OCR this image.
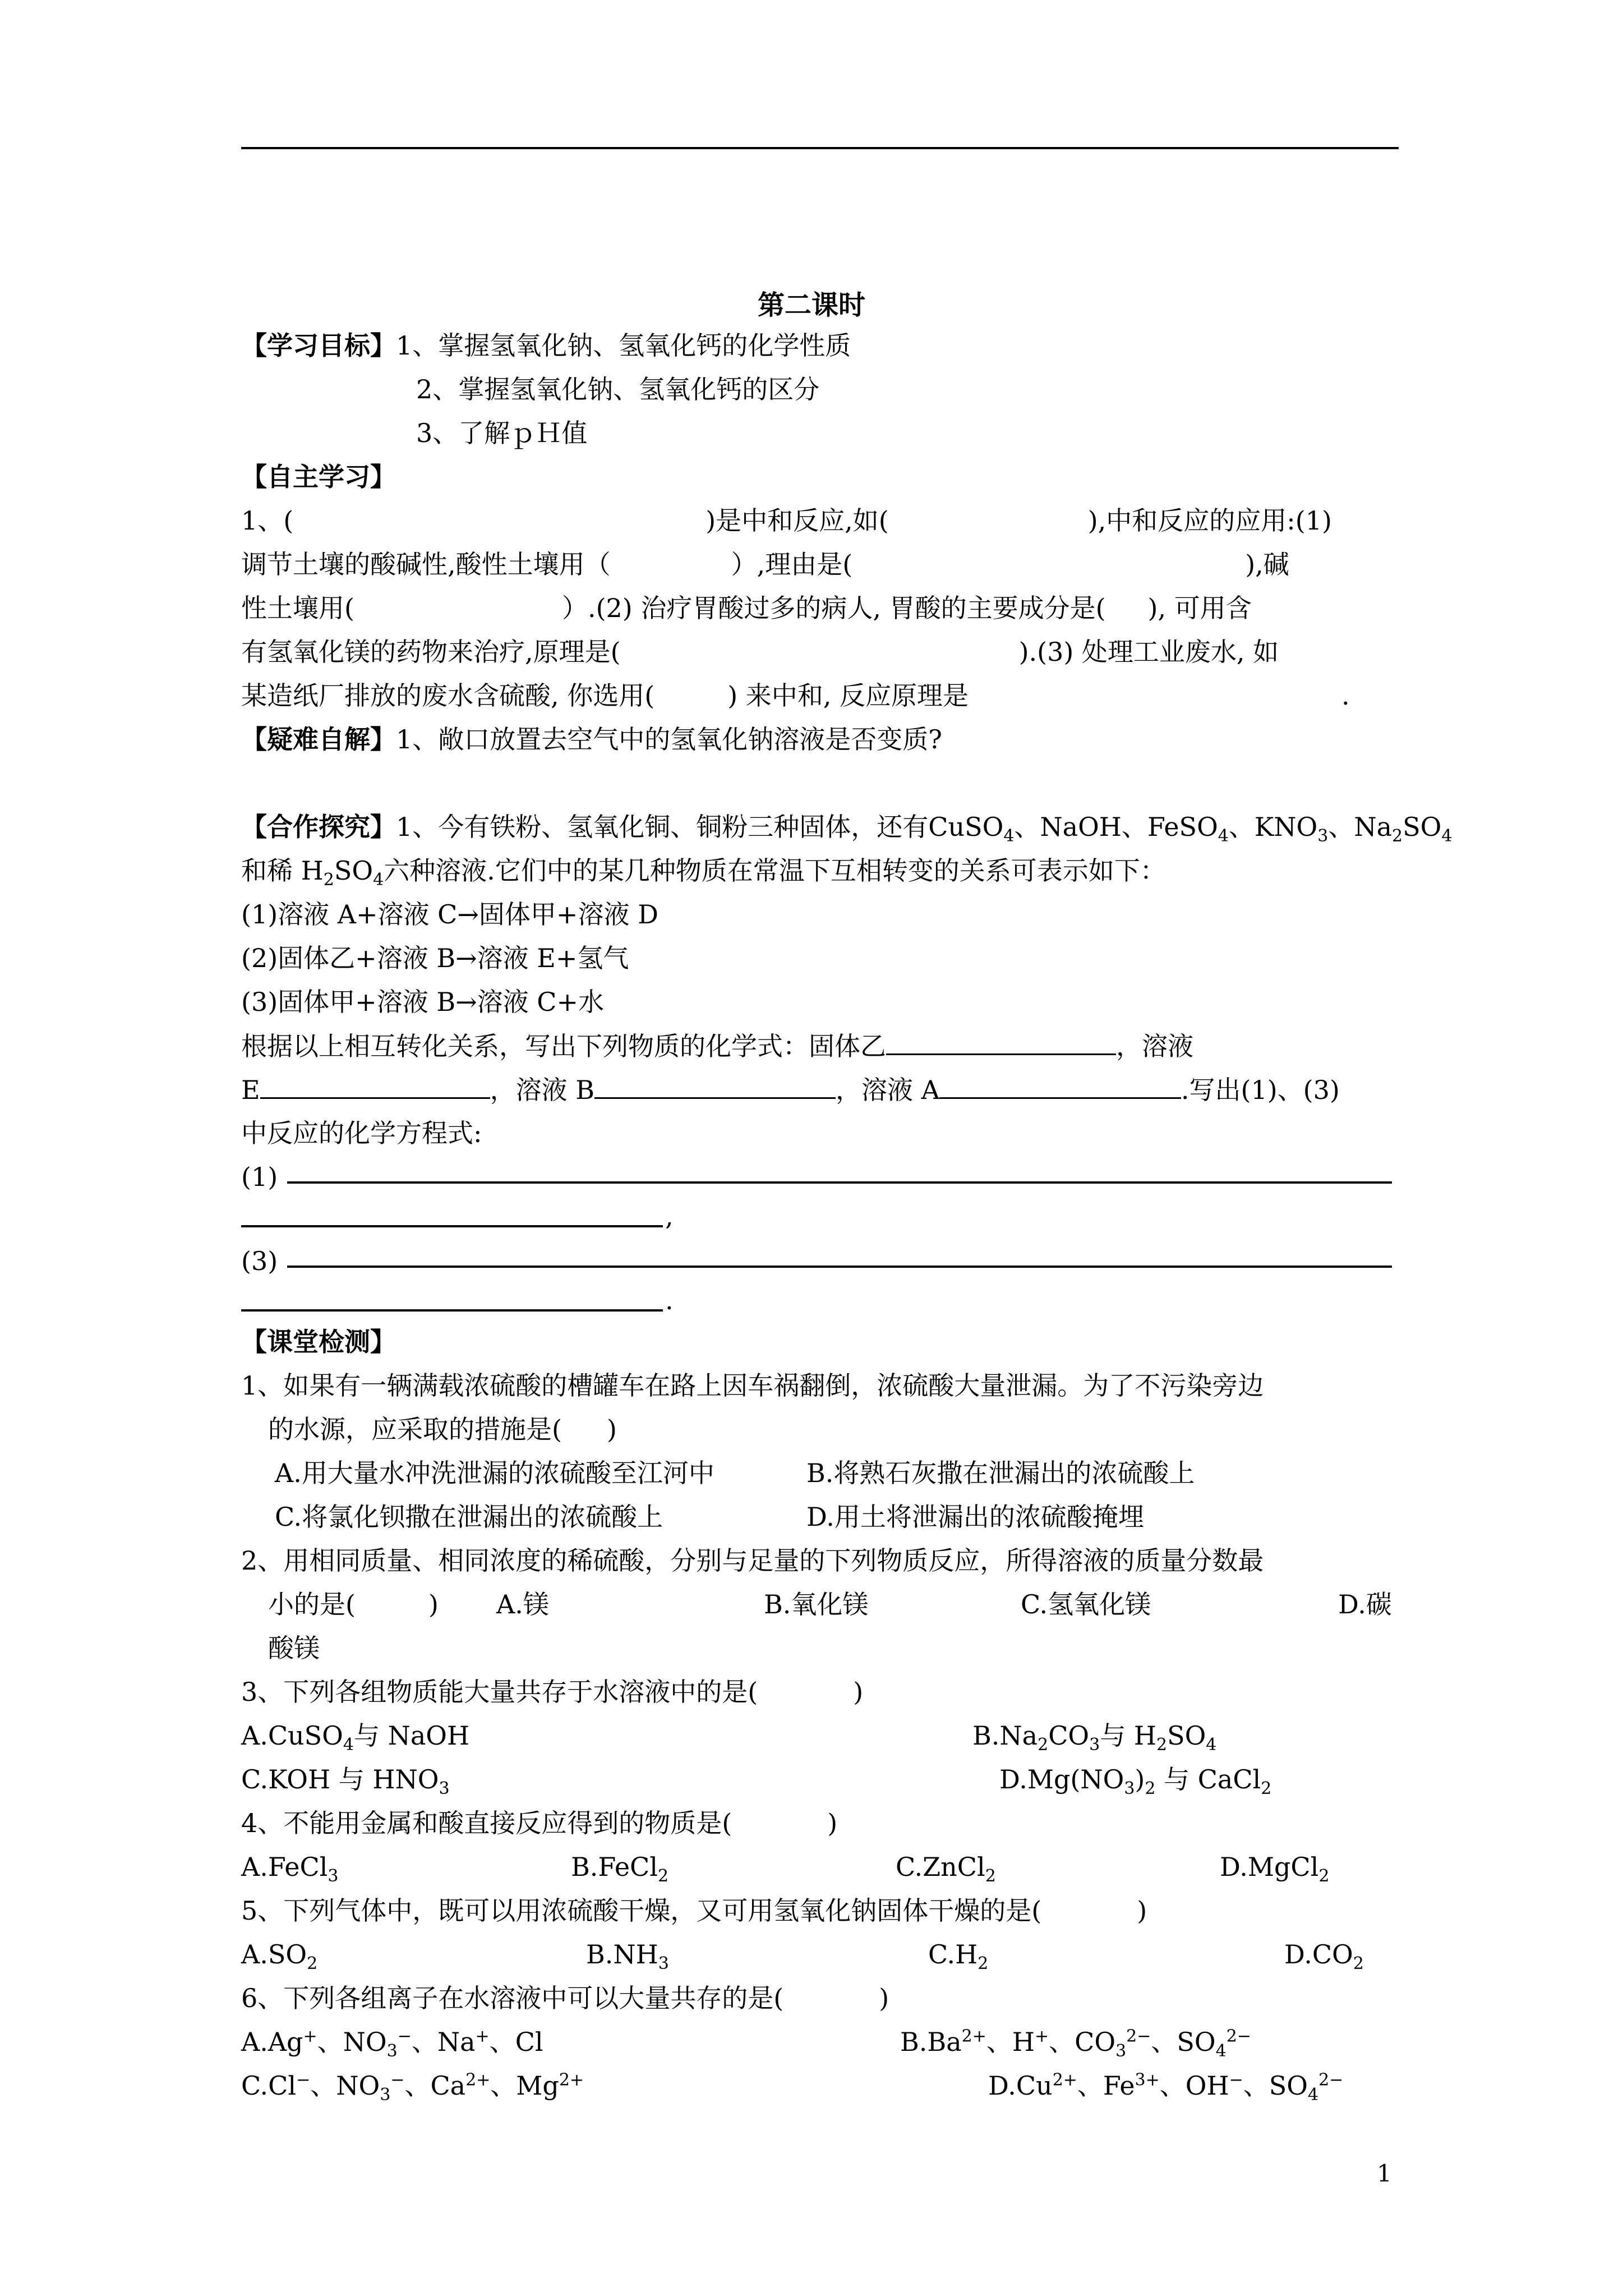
第二课时
【学习目标】1、掌握氢氧化钠、氢氧化钙的化学性质
2、掌握氢氧化钠、氢氧化钙的区分
3、了解ｐＨ值
【自主学习】
1、(	)是中和反应,如(	),中和反应的应用:(1)
调节土壤的酸碱性,酸性土壤用（	）,理由是(	),碱
性土壤用(	）.(2) 治疗胃酸过多的病人, 胃酸的主要成分是( ), 可用含
有氢氧化镁的药物来治疗,原理是(	).(3) 处理工业废水, 如
某造纸厂排放的废水含硫酸, 你选用(	) 来中和, 反应原理是	.
【疑难自解】1、敞口放置去空气中的氢氧化钠溶液是否变质?
【合作探究】1、今有铁粉、氢氧化铜、铜粉三种固体，还有CuSO$_4$、NaOH、FeSO$_4$、$KNO_3$、$Na_2SO_4$
和稀 $H_2SO_4$六种溶液.它们中的某几种物质在常温下互相转变的关系可表示如下：
(1)溶液 A+溶液 C→固体甲+溶液 D
(2)固体乙+溶液 B→溶液 E+氢气
(3)固体甲+溶液 B→溶液 C+水
根据以上相互转化关系，写出下列物质的化学式：固体乙	，溶液
E	，溶液 B	，溶液 A	.写出(1)、(3)
中反应的化学方程式:
(1)
,
(3)
.
【课堂检测】
1、如果有一辆满载浓硫酸的槽罐车在路上因车祸翻倒，浓硫酸大量泄漏。为了不污染旁边
的水源，应采取的措施是( )
A.用大量水冲洗泄漏的浓硫酸至江河中	B.将熟石灰撒在泄漏出的浓硫酸上
C.将氯化钡撒在泄漏出的浓硫酸上	D.用土将泄漏出的浓硫酸掩埋
2、用相同质量、相同浓度的稀硫酸，分别与足量的下列物质反应，所得溶液的质量分数最
小的是(	) A.镁	B.氧化镁	C.氢氧化镁	D.碳
酸镁
3、下列各组物质能大量共存于水溶液中的是(	)
A.CuSO$_4$与 NaOH	$B.Na_2CO_3$与 $H_2SO_4$
C.KOH 与 $HNO_3$	$D.Mg(NO_3)_2$ 与 CaCl$_2$
4、不能用金属和酸直接反应得到的物质是(	)
A.FeCl$_3$	B.FeCl$_2$	C.ZnCl$_2$	D.MgCl$_2$
5、下列气体中，既可以用浓硫酸干燥，又可用氢氧化钠固体干燥的是(	)
$A.SO_2$	$B.NH_3$	$C.H_2$	$D.CO_2$
6、下列各组离子在水溶液中可以大量共存的是(	)
A.Ag+、$NO_3^-$、Na+、Cl	$B.Ba^{2+}$、H+、$CO_3^{2-}$、$SO_4^{2-}$
C.Cl−、$NO_3^-$、$Ca^{2+}$、$Mg^{2+}$	$D.Cu^{2+}$、$Fe^{3+}$、OH−、$SO_4^{2-}$
1
